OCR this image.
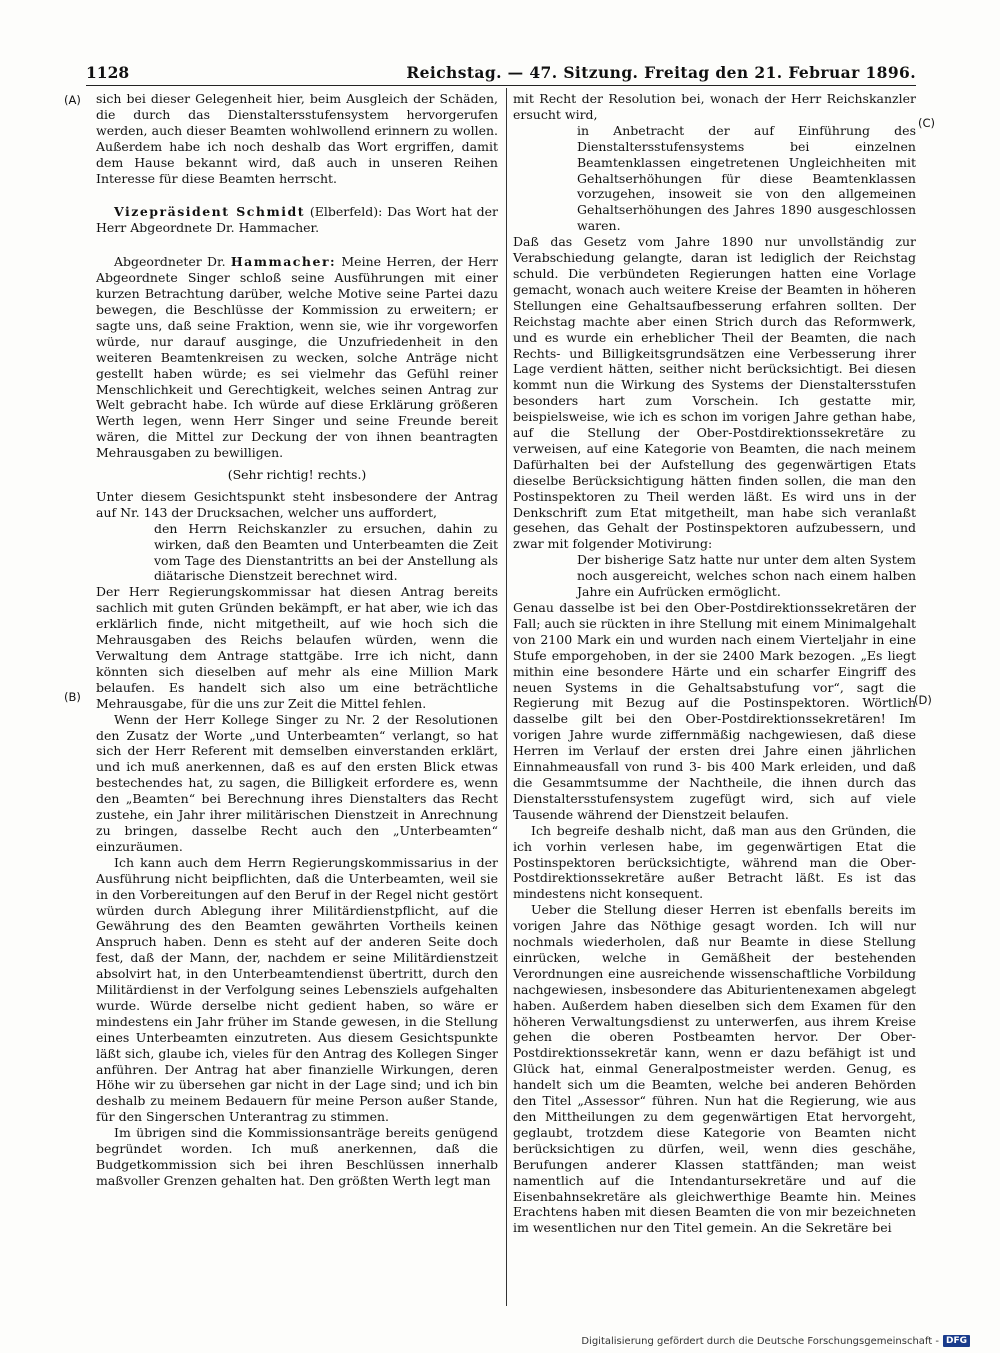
1128	Reichstag. — 47. Sitzung. Freitag den 21. Februar 1896.
(A)
(B)
(C)
(D)

sich bei dieser Gelegenheit hier, beim Ausgleich der Schäden, die durch das Dienstaltersstufensystem hervorgerufen werden, auch dieser Beamten wohlwollend erinnern zu wollen. Außerdem habe ich noch deshalb das Wort ergriffen, damit dem Hause bekannt wird, daß auch in unseren Reihen Interesse für diese Beamten herrscht.

Vizepräsident Schmidt (Elberfeld): Das Wort hat der Herr Abgeordnete Dr. Hammacher.

Abgeordneter Dr. Hammacher: Meine Herren, der Herr Abgeordnete Singer schloß seine Ausführungen mit einer kurzen Betrachtung darüber, welche Motive seine Partei dazu bewegen, die Beschlüsse der Kommission zu erweitern; er sagte uns, daß seine Fraktion, wenn sie, wie ihr vorgeworfen würde, nur darauf ausginge, die Unzufriedenheit in den weiteren Beamtenkreisen zu wecken, solche Anträge nicht gestellt haben würde; es sei vielmehr das Gefühl reiner Menschlichkeit und Gerechtigkeit, welches seinen Antrag zur Welt gebracht habe. Ich würde auf diese Erklärung größeren Werth legen, wenn Herr Singer und seine Freunde bereit wären, die Mittel zur Deckung der von ihnen beantragten Mehrausgaben zu bewilligen.

(Sehr richtig! rechts.)

Unter diesem Gesichtspunkt steht insbesondere der Antrag auf Nr. 143 der Drucksachen, welcher uns auffordert,

den Herrn Reichskanzler zu ersuchen, dahin zu wirken, daß den Beamten und Unterbeamten die Zeit vom Tage des Dienstantritts an bei der Anstellung als diätarische Dienstzeit berechnet wird.

Der Herr Regierungskommissar hat diesen Antrag bereits sachlich mit guten Gründen bekämpft, er hat aber, wie ich das erklärlich finde, nicht mitgetheilt, auf wie hoch sich die Mehrausgaben des Reichs belaufen würden, wenn die Verwaltung dem Antrage stattgäbe. Irre ich nicht, dann könnten sich dieselben auf mehr als eine Million Mark belaufen. Es handelt sich also um eine beträchtliche Mehrausgabe, für die uns zur Zeit die Mittel fehlen.

Wenn der Herr Kollege Singer zu Nr. 2 der Resolutionen den Zusatz der Worte „und Unterbeamten“ verlangt, so hat sich der Herr Referent mit demselben einverstanden erklärt, und ich muß anerkennen, daß es auf den ersten Blick etwas bestechendes hat, zu sagen, die Billigkeit erfordere es, wenn den „Beamten“ bei Berechnung ihres Dienstalters das Recht zustehe, ein Jahr ihrer militärischen Dienstzeit in Anrechnung zu bringen, dasselbe Recht auch den „Unterbeamten“ einzuräumen.

Ich kann auch dem Herrn Regierungskommissarius in der Ausführung nicht beipflichten, daß die Unterbeamten, weil sie in den Vorbereitungen auf den Beruf in der Regel nicht gestört würden durch Ablegung ihrer Militärdienstpflicht, auf die Gewährung des den Beamten gewährten Vortheils keinen Anspruch haben. Denn es steht auf der anderen Seite doch fest, daß der Mann, der, nachdem er seine Militärdienstzeit absolvirt hat, in den Unterbeamtendienst übertritt, durch den Militärdienst in der Verfolgung seines Lebensziels aufgehalten wurde. Würde derselbe nicht gedient haben, so wäre er mindestens ein Jahr früher im Stande gewesen, in die Stellung eines Unterbeamten einzutreten. Aus diesem Gesichtspunkte läßt sich, glaube ich, vieles für den Antrag des Kollegen Singer anführen. Der Antrag hat aber finanzielle Wirkungen, deren Höhe wir zu übersehen gar nicht in der Lage sind; und ich bin deshalb zu meinem Bedauern für meine Person außer Stande, für den Singerschen Unterantrag zu stimmen.

Im übrigen sind die Kommissionsanträge bereits genügend begründet worden. Ich muß anerkennen, daß die Budgetkommission sich bei ihren Beschlüssen innerhalb maßvoller Grenzen gehalten hat. Den größten Werth legt man

mit Recht der Resolution bei, wonach der Herr Reichskanzler ersucht wird,

in Anbetracht der auf Einführung des Dienstaltersstufensystems bei einzelnen Beamtenklassen eingetretenen Ungleichheiten mit Gehaltserhöhungen für diese Beamtenklassen vorzugehen, insoweit sie von den allgemeinen Gehaltserhöhungen des Jahres 1890 ausgeschlossen waren.

Daß das Gesetz vom Jahre 1890 nur unvollständig zur Verabschiedung gelangte, daran ist lediglich der Reichstag schuld. Die verbündeten Regierungen hatten eine Vorlage gemacht, wonach auch weitere Kreise der Beamten in höheren Stellungen eine Gehaltsaufbesserung erfahren sollten. Der Reichstag machte aber einen Strich durch das Reformwerk, und es wurde ein erheblicher Theil der Beamten, die nach Rechts- und Billigkeitsgrundsätzen eine Verbesserung ihrer Lage verdient hätten, seither nicht berücksichtigt. Bei diesen kommt nun die Wirkung des Systems der Dienstaltersstufen besonders hart zum Vorschein. Ich gestatte mir, beispielsweise, wie ich es schon im vorigen Jahre gethan habe, auf die Stellung der Ober-Postdirektionssekretäre zu verweisen, auf eine Kategorie von Beamten, die nach meinem Dafürhalten bei der Aufstellung des gegenwärtigen Etats dieselbe Berücksichtigung hätten finden sollen, die man den Postinspektoren zu Theil werden läßt. Es wird uns in der Denkschrift zum Etat mitgetheilt, man habe sich veranlaßt gesehen, das Gehalt der Postinspektoren aufzubessern, und zwar mit folgender Motivirung:

Der bisherige Satz hatte nur unter dem alten System noch ausgereicht, welches schon nach einem halben Jahre ein Aufrücken ermöglicht.

Genau dasselbe ist bei den Ober-Postdirektionssekretären der Fall; auch sie rückten in ihre Stellung mit einem Minimalgehalt von 2100 Mark ein und wurden nach einem Vierteljahr in eine Stufe emporgehoben, in der sie 2400 Mark bezogen. „Es liegt mithin eine besondere Härte und ein scharfer Eingriff des neuen Systems in die Gehaltsabstufung vor“, sagt die Regierung mit Bezug auf die Postinspektoren. Wörtlich dasselbe gilt bei den Ober-Postdirektionssekretären! Im vorigen Jahre wurde ziffernmäßig nachgewiesen, daß diese Herren im Verlauf der ersten drei Jahre einen jährlichen Einnahmeausfall von rund 3- bis 400 Mark erleiden, und daß die Gesammtsumme der Nachtheile, die ihnen durch das Dienstaltersstufensystem zugefügt wird, sich auf viele Tausende während der Dienstzeit belaufen.

Ich begreife deshalb nicht, daß man aus den Gründen, die ich vorhin verlesen habe, im gegenwärtigen Etat die Postinspektoren berücksichtigte, während man die Ober-Postdirektionssekretäre außer Betracht läßt. Es ist das mindestens nicht konsequent.

Ueber die Stellung dieser Herren ist ebenfalls bereits im vorigen Jahre das Nöthige gesagt worden. Ich will nur nochmals wiederholen, daß nur Beamte in diese Stellung einrücken, welche in Gemäßheit der bestehenden Verordnungen eine ausreichende wissenschaftliche Vorbildung nachgewiesen, insbesondere das Abiturientenexamen abgelegt haben. Außerdem haben dieselben sich dem Examen für den höheren Verwaltungsdienst zu unterwerfen, aus ihrem Kreise gehen die oberen Postbeamten hervor. Der Ober-Postdirektionssekretär kann, wenn er dazu befähigt ist und Glück hat, einmal Generalpostmeister werden. Genug, es handelt sich um die Beamten, welche bei anderen Behörden den Titel „Assessor“ führen. Nun hat die Regierung, wie aus den Mittheilungen zu dem gegenwärtigen Etat hervorgeht, geglaubt, trotzdem diese Kategorie von Beamten nicht berücksichtigen zu dürfen, weil, wenn dies geschähe, Berufungen anderer Klassen stattfänden; man weist namentlich auf die Intendantursekretäre und auf die Eisenbahnsekretäre als gleichwerthige Beamte hin. Meines Erachtens haben mit diesen Beamten die von mir bezeichneten im wesentlichen nur den Titel gemein. An die Sekretäre bei

Digitalisierung gefördert durch die Deutsche Forschungsgemeinschaft - DFG
